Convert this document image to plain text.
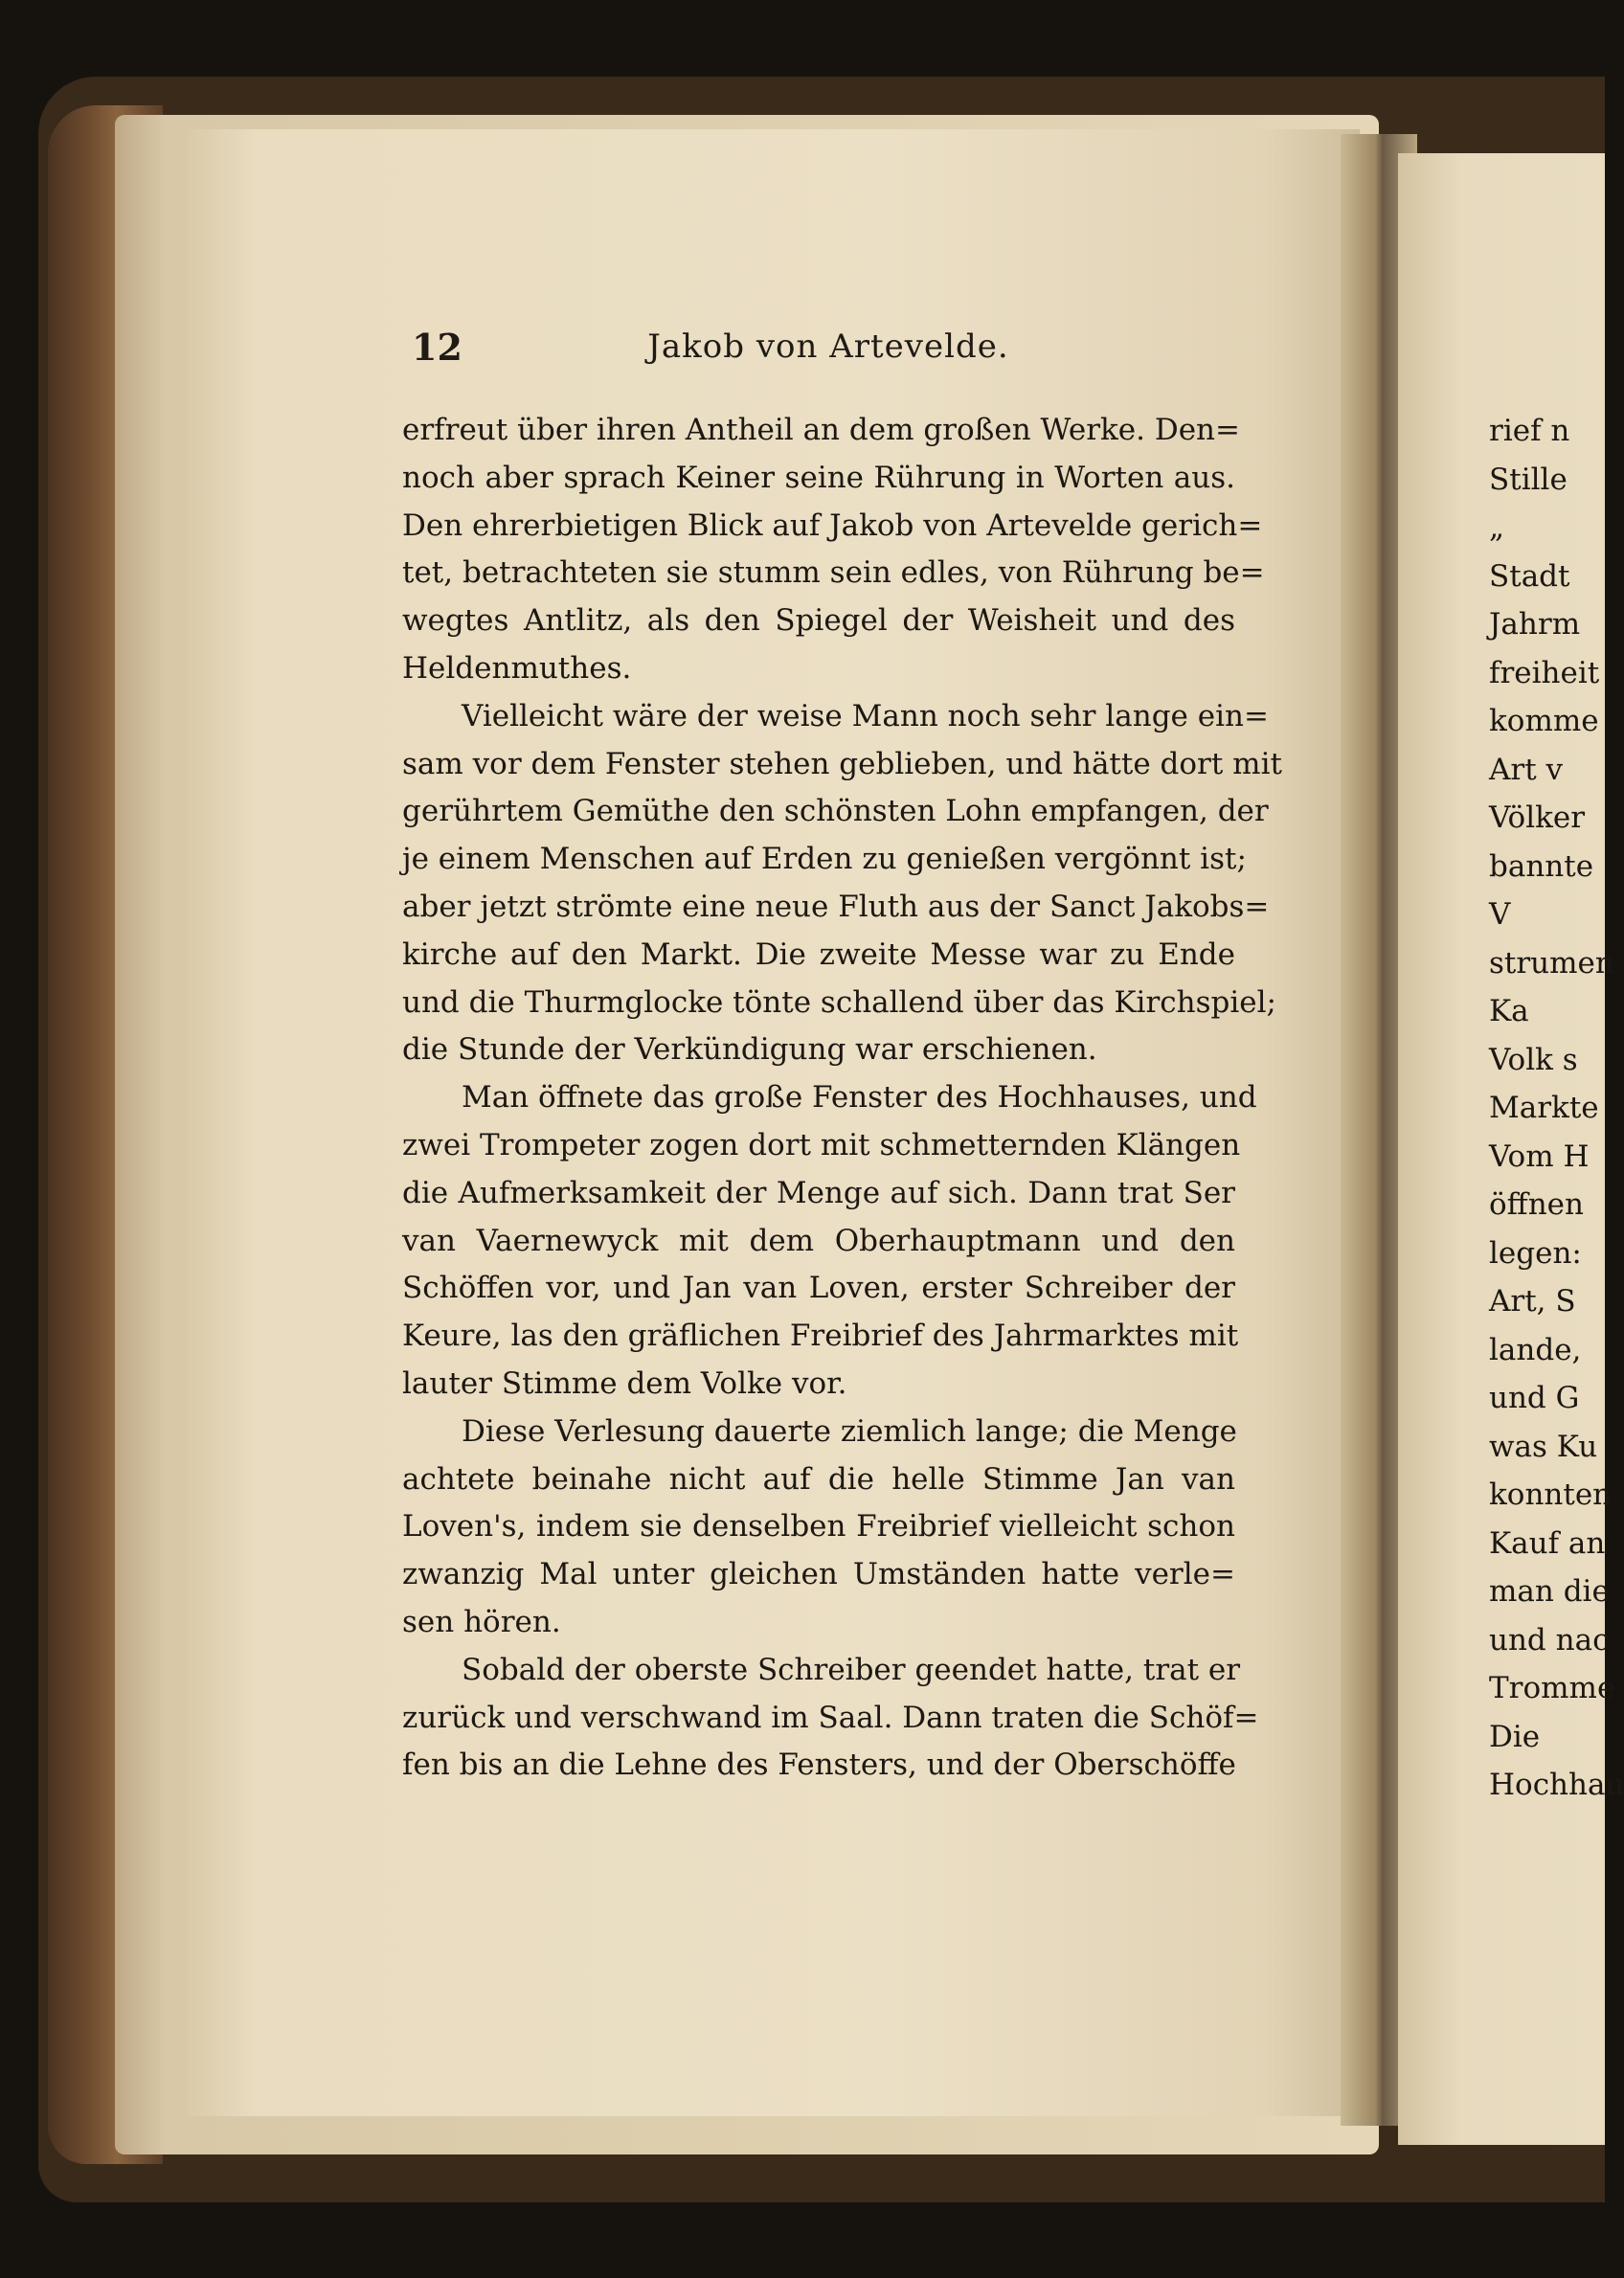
12	Jakob von Artevelde.
erfreut über ihren Antheil an dem großen Werke. Den=
noch aber sprach Keiner seine Rührung in Worten aus.
Den ehrerbietigen Blick auf Jakob von Artevelde gerich=
tet, betrachteten sie stumm sein edles, von Rührung be=
wegtes Antlitz, als den Spiegel der Weisheit und des
Heldenmuthes.
Vielleicht wäre der weise Mann noch sehr lange ein=
sam vor dem Fenster stehen geblieben, und hätte dort mit
gerührtem Gemüthe den schönsten Lohn empfangen, der
je einem Menschen auf Erden zu genießen vergönnt ist;
aber jetzt strömte eine neue Fluth aus der Sanct Jakobs=
kirche auf den Markt. Die zweite Messe war zu Ende
und die Thurmglocke tönte schallend über das Kirchspiel;
die Stunde der Verkündigung war erschienen.
Man öffnete das große Fenster des Hochhauses, und
zwei Trompeter zogen dort mit schmetternden Klängen
die Aufmerksamkeit der Menge auf sich. Dann trat Ser
van Vaernewyck mit dem Oberhauptmann und den
Schöffen vor, und Jan van Loven, erster Schreiber der
Keure, las den gräflichen Freibrief des Jahrmarktes mit
lauter Stimme dem Volke vor.
Diese Verlesung dauerte ziemlich lange; die Menge
achtete beinahe nicht auf die helle Stimme Jan van
Loven's, indem sie denselben Freibrief vielleicht schon
zwanzig Mal unter gleichen Umständen hatte verle=
sen hören.
Sobald der oberste Schreiber geendet hatte, trat er
zurück und verschwand im Saal. Dann traten die Schöf=
fen bis an die Lehne des Fensters, und der Oberschöffe
rief n
Stille
„
Stadt
Jahrm
freiheit
komme
Art v
Völker
bannte
V
strumen
Ka
Volk s
Markte
Vom H
öffnen
legen:
Art, S
lande,
und G
was Ku
konnten
Kauf an
man die
und nac
Tromme
Die
Hochhau
